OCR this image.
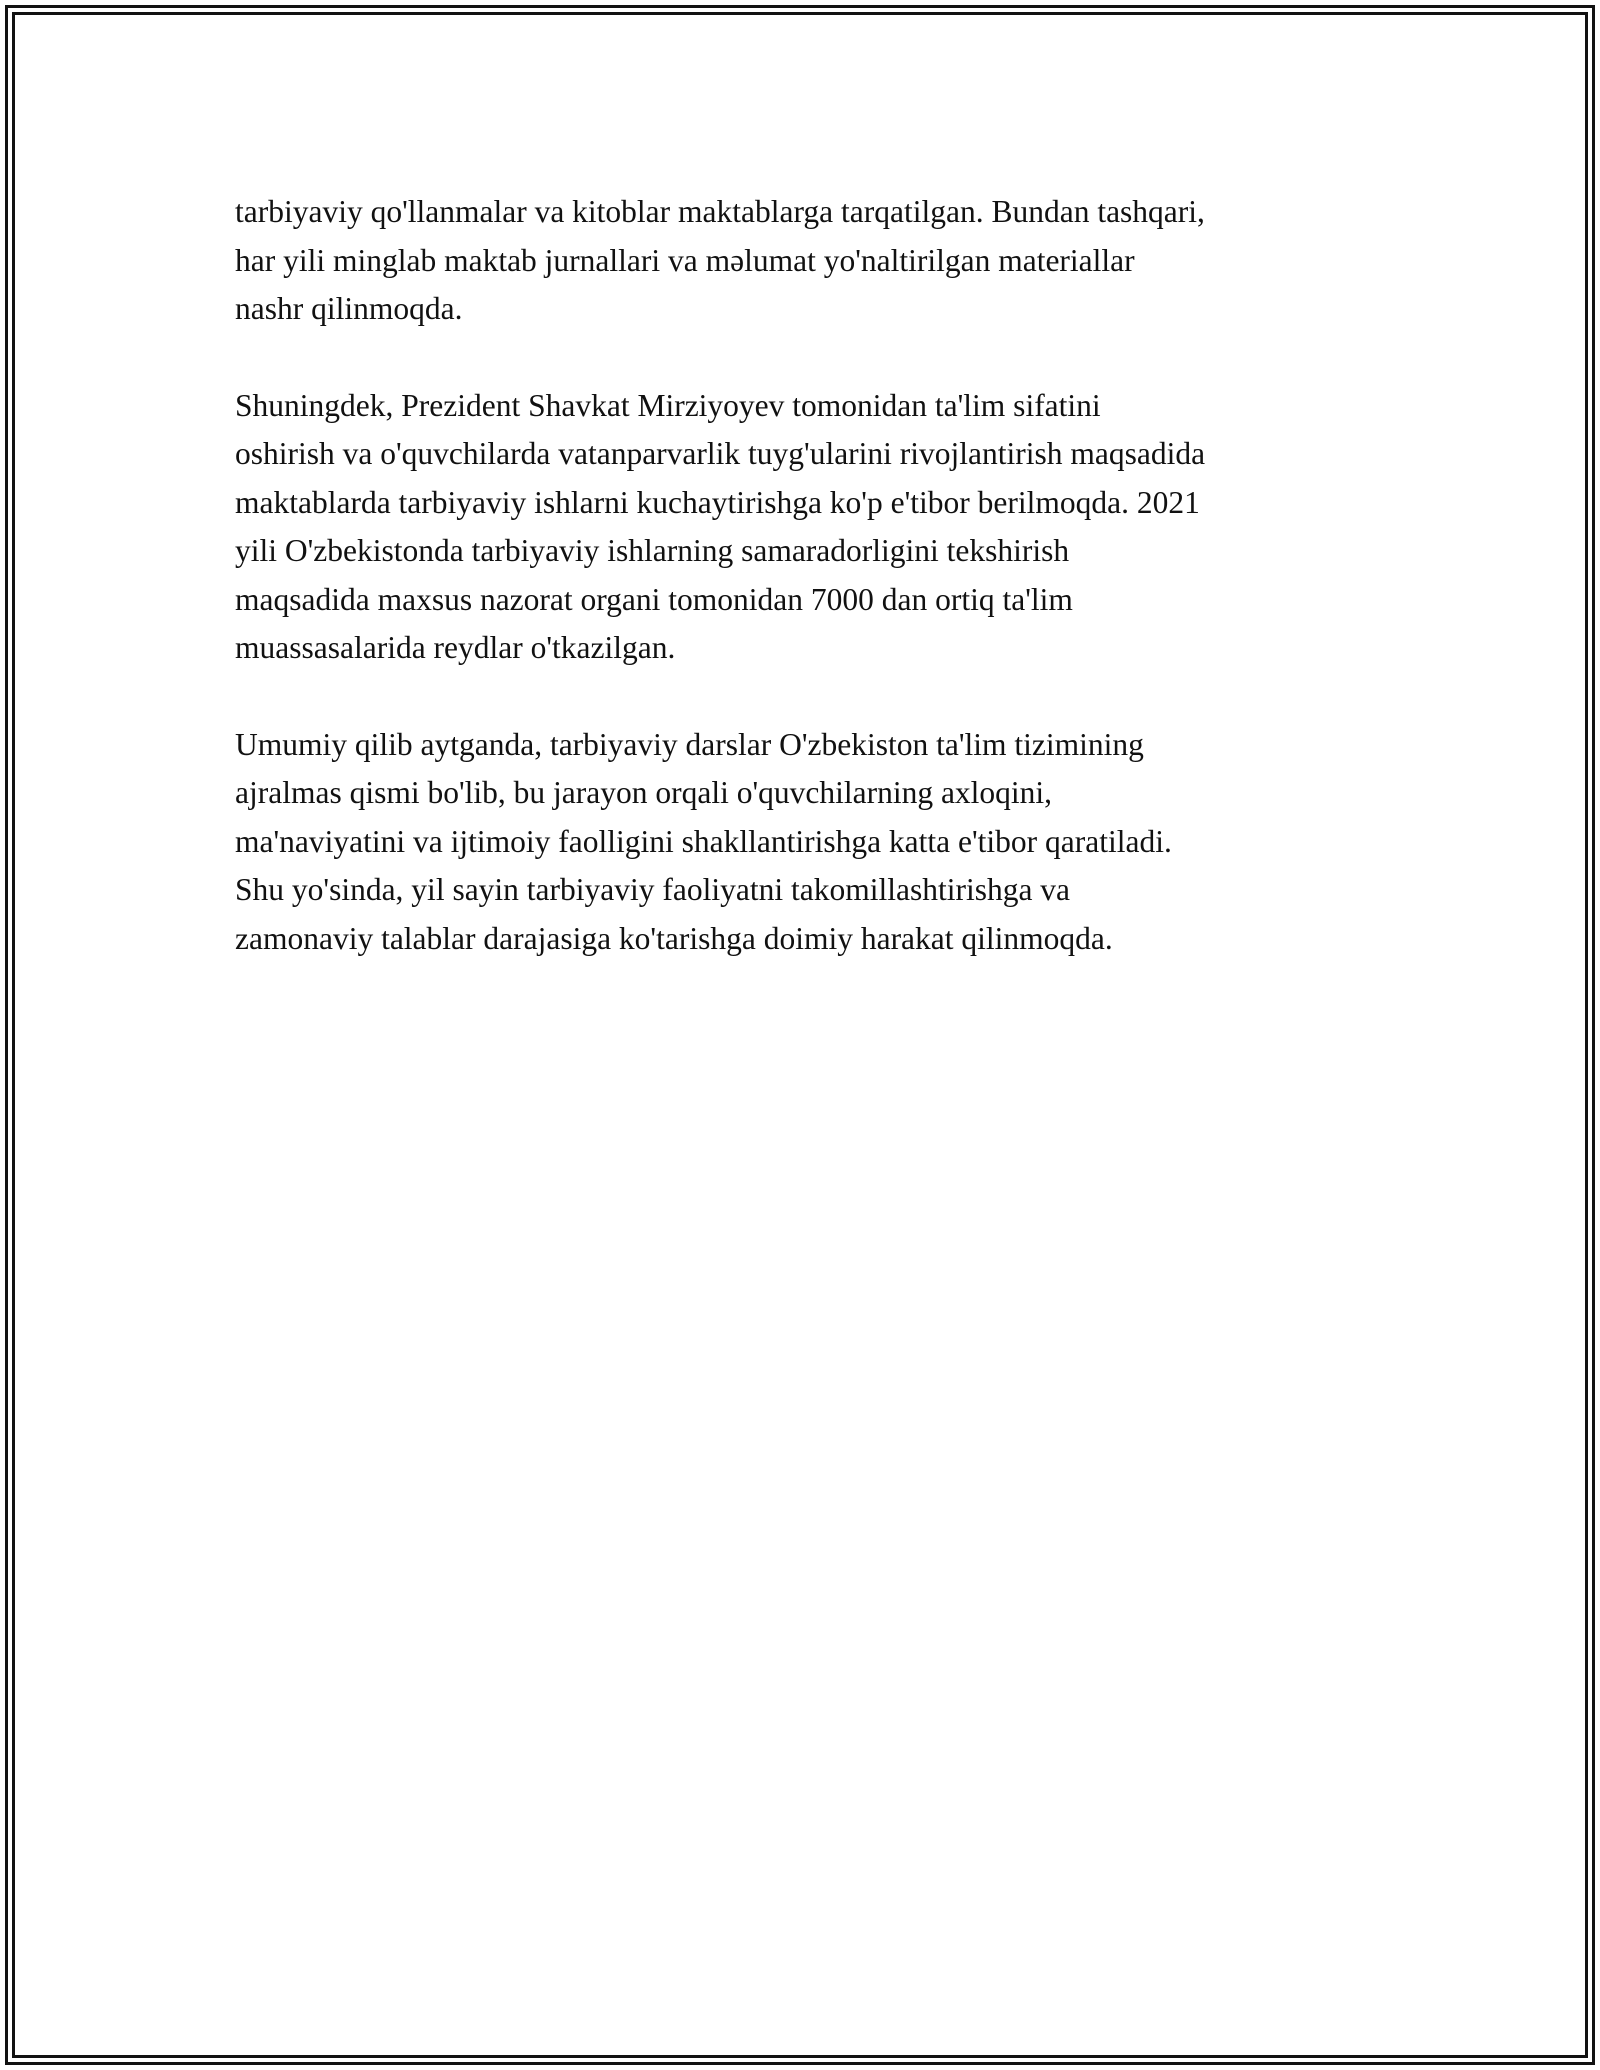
tarbiyaviy qo'llanmalar va kitoblar maktablarga tarqatilgan. Bundan tashqari,
har yili minglab maktab jurnallari va məlumat yo'naltirilgan materiallar
nashr qilinmoqda.

Shuningdek, Prezident Shavkat Mirziyoyev tomonidan ta'lim sifatini
oshirish va o'quvchilarda vatanparvarlik tuyg'ularini rivojlantirish maqsadida
maktablarda tarbiyaviy ishlarni kuchaytirishga ko'p e'tibor berilmoqda. 2021
yili O'zbekistonda tarbiyaviy ishlarning samaradorligini tekshirish
maqsadida maxsus nazorat organi tomonidan 7000 dan ortiq ta'lim
muassasalarida reydlar o'tkazilgan.

Umumiy qilib aytganda, tarbiyaviy darslar O'zbekiston ta'lim tizimining
ajralmas qismi bo'lib, bu jarayon orqali o'quvchilarning axloqini,
ma'naviyatini va ijtimoiy faolligini shakllantirishga katta e'tibor qaratiladi.
Shu yo'sinda, yil sayin tarbiyaviy faoliyatni takomillashtirishga va
zamonaviy talablar darajasiga ko'tarishga doimiy harakat qilinmoqda.
